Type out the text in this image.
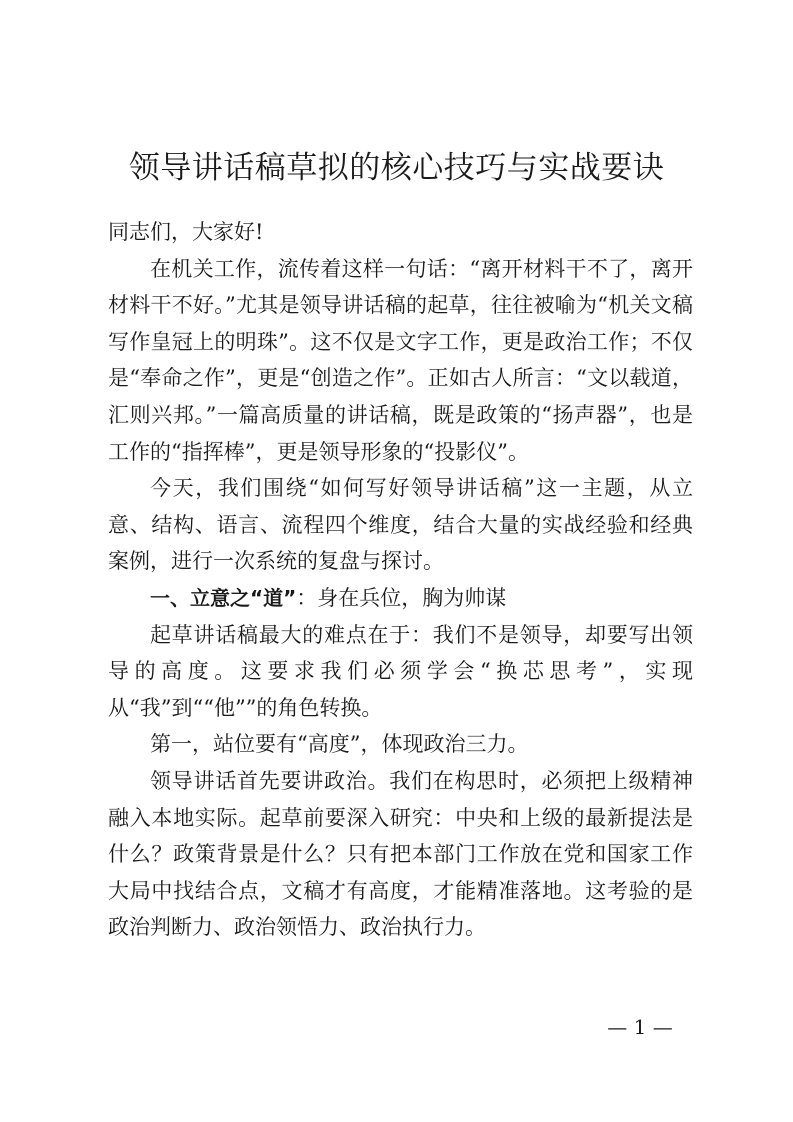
领导讲话稿草拟的核心技巧与实战要诀

同志们，大家好!

在机关工作，流传着这样一句话：“离开材料干不了，离开材料干不好。”尤其是领导讲话稿的起草，往往被喻为“机关文稿写作皇冠上的明珠”。这不仅是文字工作，更是政治工作；不仅是“奉命之作”，更是“创造之作”。正如古人所言：“文以载道，汇则兴邦。”一篇高质量的讲话稿，既是政策的“扬声器”，也是工作的“指挥棒”，更是领导形象的“投影仪”。

今天，我们围绕“如何写好领导讲话稿”这一主题，从立意、结构、语言、流程四个维度，结合大量的实战经验和经典案例，进行一次系统的复盘与探讨。

一、立意之“道”：身在兵位，胸为帅谋

起草讲话稿最大的难点在于：我们不是领导，却要写出领导的高度。这要求我们必须学会“换芯思考”，实现从“我”到““他””的角色转换。

第一，站位要有“高度”，体现政治三力。

领导讲话首先要讲政治。我们在构思时，必须把上级精神融入本地实际。起草前要深入研究：中央和上级的最新提法是什么？政策背景是什么？只有把本部门工作放在党和国家工作大局中找结合点，文稿才有高度，才能精准落地。这考验的是政治判断力、政治领悟力、政治执行力。

— 1 —
